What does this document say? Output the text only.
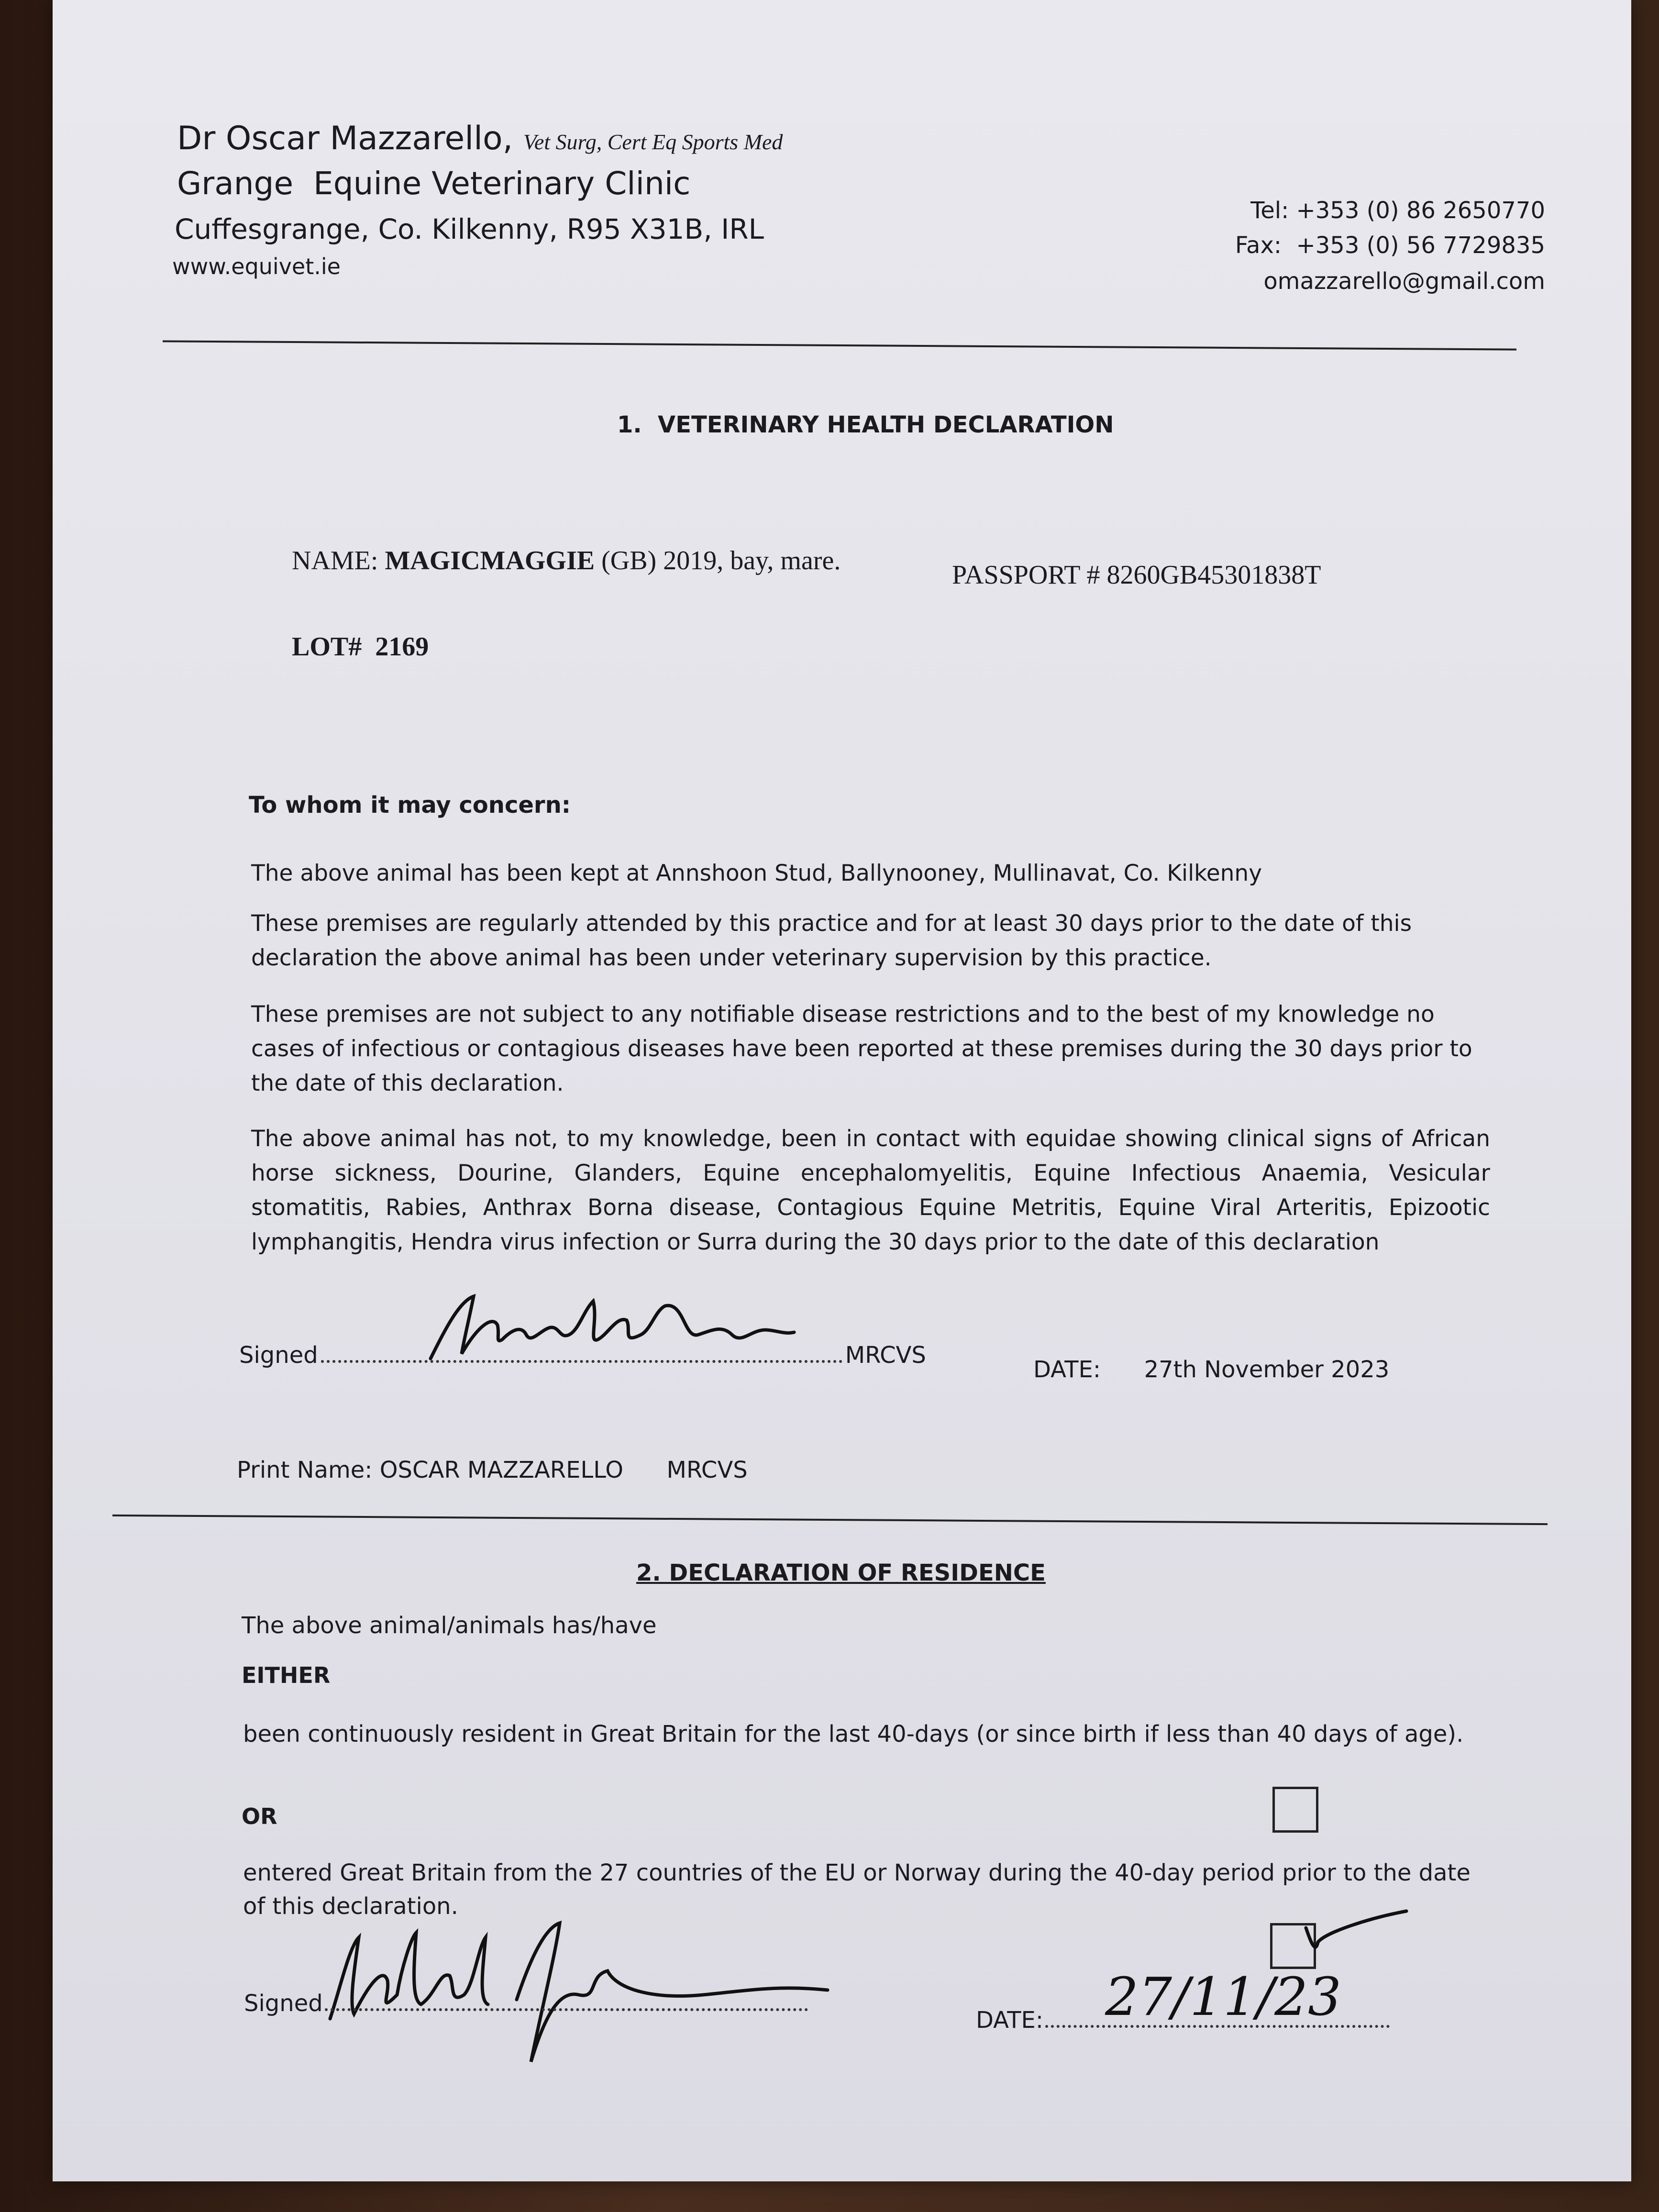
Dr Oscar Mazzarello, Vet Surg, Cert Eq Sports Med
Grange  Equine Veterinary Clinic
Cuffesgrange, Co. Kilkenny, R95 X31B, IRL
www.equivet.ie
Tel: +353 (0) 86 2650770
Fax:  +353 (0) 56 7729835
omazzarello@gmail.com
1.  VETERINARY HEALTH DECLARATION
NAME: MAGICMAGGIE (GB) 2019, bay, mare.	PASSPORT # 8260GB45301838T
LOT#  2169
To whom it may concern:
The above animal has been kept at Annshoon Stud, Ballynooney, Mullinavat, Co. Kilkenny
These premises are regularly attended by this practice and for at least 30 days prior to the date of this declaration the above animal has been under veterinary supervision by this practice.
These premises are not subject to any notifiable disease restrictions and to the best of my knowledge no cases of infectious or contagious diseases have been reported at these premises during the 30 days prior to the date of this declaration.
The above animal has not, to my knowledge, been in contact with equidae showing clinical signs of African horse sickness, Dourine, Glanders, Equine encephalomyelitis, Equine Infectious Anaemia, Vesicular stomatitis, Rabies, Anthrax Borna disease, Contagious Equine Metritis, Equine Viral Arteritis, Epizootic lymphangitis, Hendra virus infection or Surra during the 30 days prior to the date of this declaration
Signed	MRCVS
DATE: 27th November 2023
Print Name: OSCAR MAZZARELLO MRCVS
2. DECLARATION OF RESIDENCE
The above animal/animals has/have
EITHER
been continuously resident in Great Britain for the last 40-days (or since birth if less than 40 days of age).
OR
entered Great Britain from the 27 countries of the EU or Norway during the 40-day period prior to the date of this declaration.
Signed
DATE:	27/11/23
